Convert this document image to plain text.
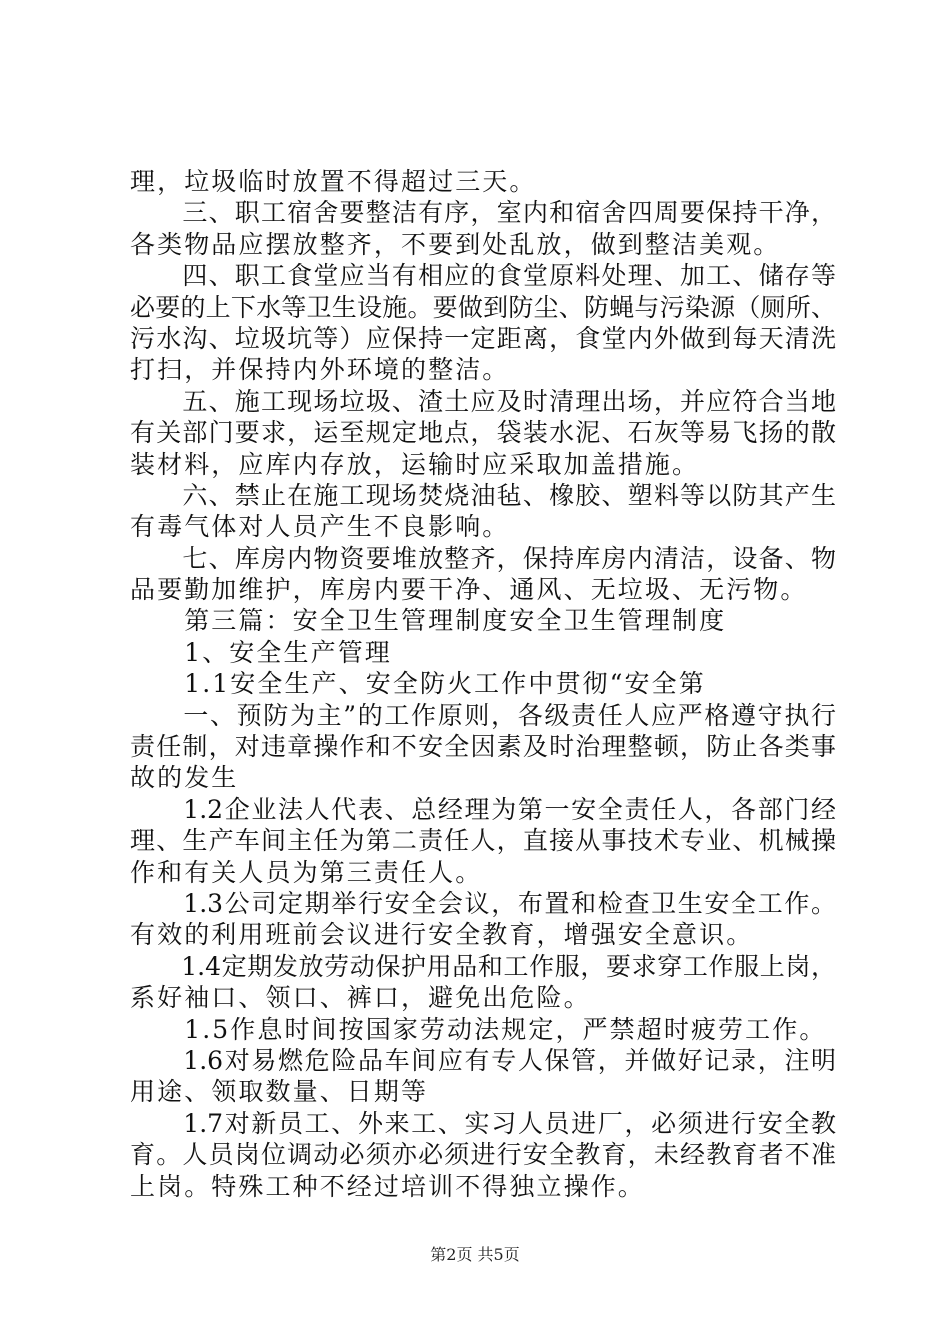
理，垃圾临时放置不得超过三天。
　　三、职工宿舍要整洁有序，室内和宿舍四周要保持干净，
各类物品应摆放整齐，不要到处乱放，做到整洁美观。
　　四、职工食堂应当有相应的食堂原料处理、加工、储存等
必要的上下水等卫生设施。要做到防尘、防蝇与污染源（厕所、
污水沟、垃圾坑等）应保持一定距离，食堂内外做到每天清洗
打扫，并保持内外环境的整洁。
　　五、施工现场垃圾、渣土应及时清理出场，并应符合当地
有关部门要求，运至规定地点，袋装水泥、石灰等易飞扬的散
装材料，应库内存放，运输时应采取加盖措施。
　　六、禁止在施工现场焚烧油毡、橡胶、塑料等以防其产生
有毒气体对人员产生不良影响。
　　七、库房内物资要堆放整齐，保持库房内清洁，设备、物
品要勤加维护，库房内要干净、通风、无垃圾、无污物。
　　第三篇：安全卫生管理制度安全卫生管理制度
　　1、安全生产管理
　　1.1安全生产、安全防火工作中贯彻“安全第
　　一、预防为主”的工作原则，各级责任人应严格遵守执行
责任制，对违章操作和不安全因素及时治理整顿，防止各类事
故的发生
　　1.2企业法人代表、总经理为第一安全责任人，各部门经
理、生产车间主任为第二责任人，直接从事技术专业、机械操
作和有关人员为第三责任人。
　　1.3公司定期举行安全会议，布置和检查卫生安全工作。
有效的利用班前会议进行安全教育，增强安全意识。
　　1.4定期发放劳动保护用品和工作服，要求穿工作服上岗，
系好袖口、领口、裤口，避免出危险。
　　1.5作息时间按国家劳动法规定，严禁超时疲劳工作。
　　1.6对易燃危险品车间应有专人保管，并做好记录，注明
用途、领取数量、日期等
　　1.7对新员工、外来工、实习人员进厂，必须进行安全教
育。人员岗位调动必须亦必须进行安全教育，未经教育者不准
上岗。特殊工种不经过培训不得独立操作。
第2页 共5页
